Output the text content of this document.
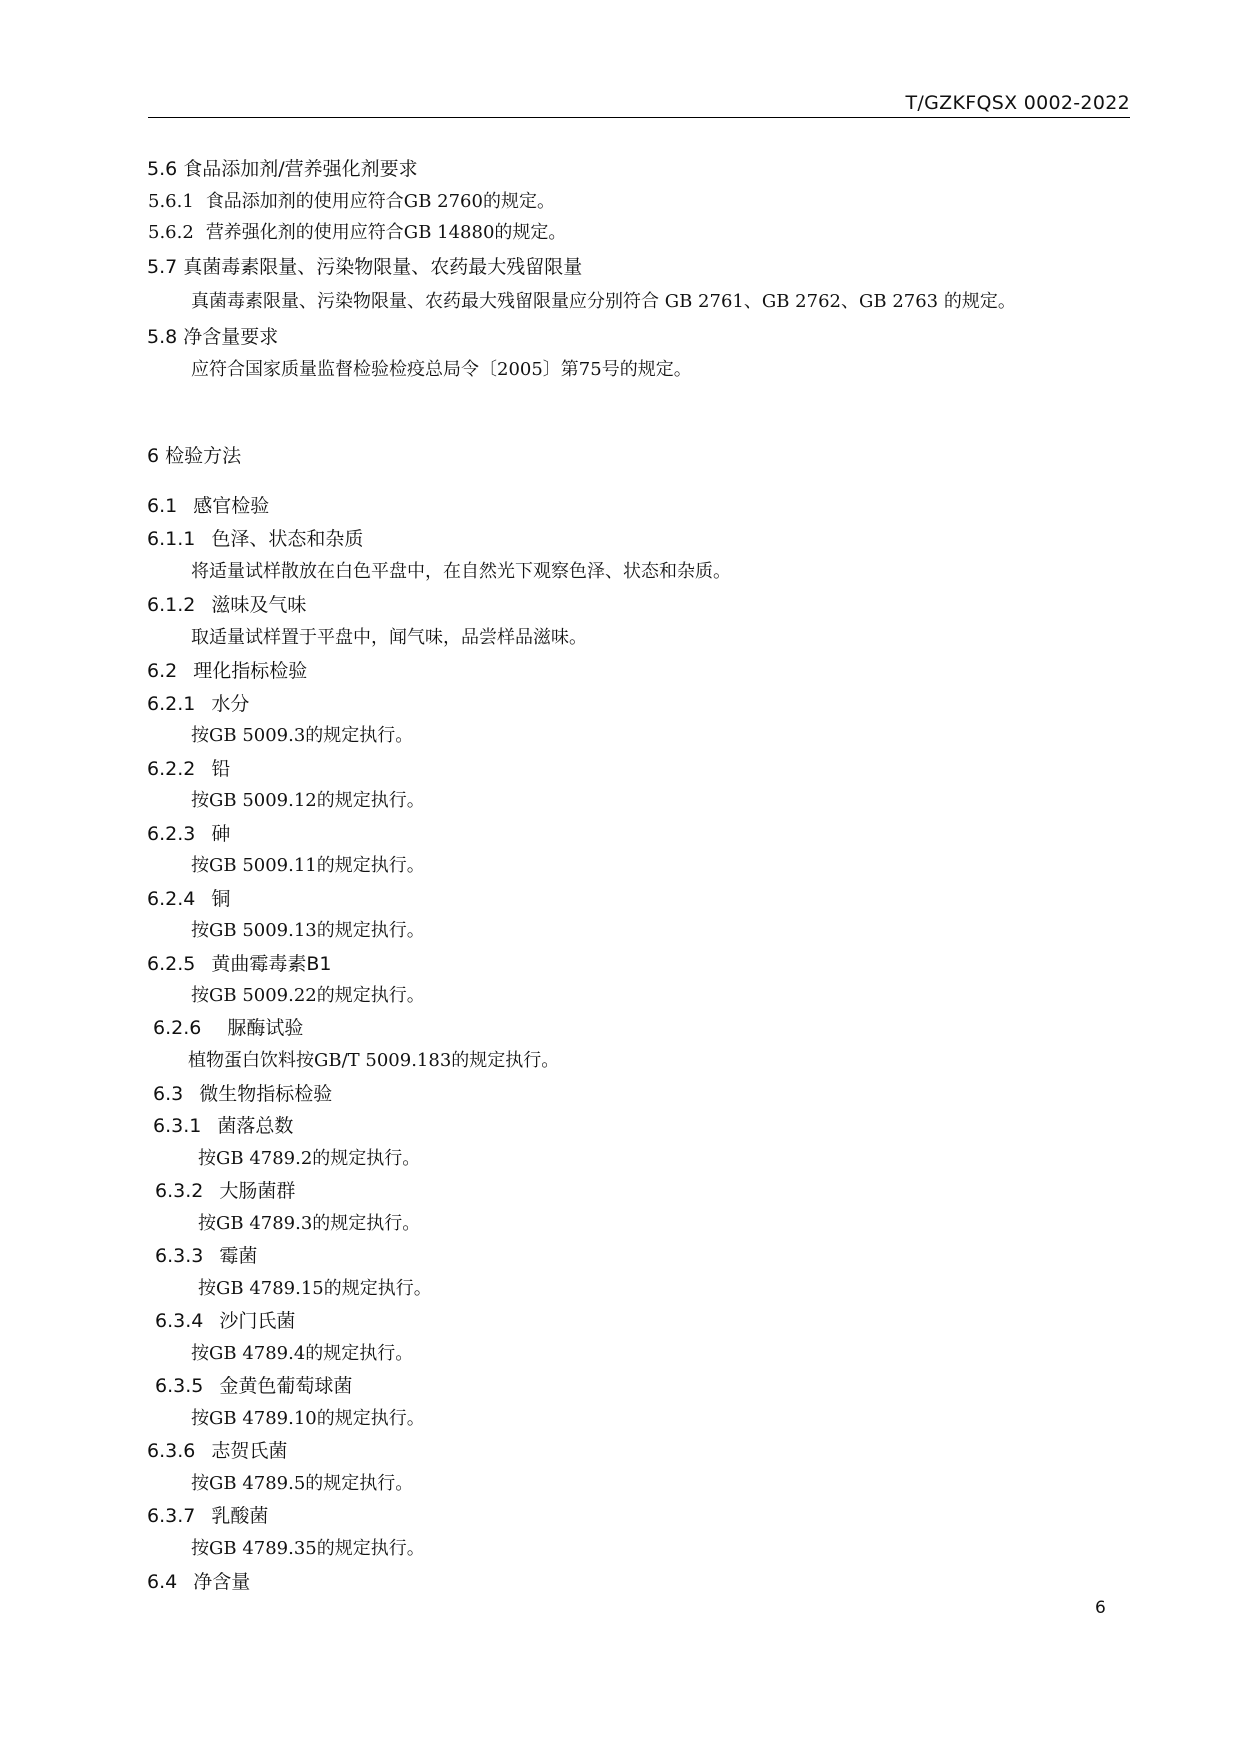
T/GZKFQSX 0002-2022
5.6 食品添加剂/营养强化剂要求
5.6.1 食品添加剂的使用应符合GB 2760的规定。
5.6.2 营养强化剂的使用应符合GB 14880的规定。
5.7 真菌毒素限量、污染物限量、农药最大残留限量
真菌毒素限量、污染物限量、农药最大残留限量应分别符合 GB 2761、GB 2762、GB 2763 的规定。
5.8 净含量要求
应符合国家质量监督检验检疫总局令〔2005〕第75号的规定。
6 检验方法
6.1 感官检验
6.1.1 色泽、状态和杂质
将适量试样散放在白色平盘中，在自然光下观察色泽、状态和杂质。
6.1.2 滋味及气味
取适量试样置于平盘中，闻气味，品尝样品滋味。
6.2 理化指标检验
6.2.1 水分
按GB 5009.3的规定执行。
6.2.2 铅
按GB 5009.12的规定执行。
6.2.3 砷
按GB 5009.11的规定执行。
6.2.4 铜
按GB 5009.13的规定执行。
6.2.5 黄曲霉毒素B1
按GB 5009.22的规定执行。
6.2.6 脲酶试验
植物蛋白饮料按GB/T 5009.183的规定执行。
6.3 微生物指标检验
6.3.1 菌落总数
按GB 4789.2的规定执行。
6.3.2 大肠菌群
按GB 4789.3的规定执行。
6.3.3 霉菌
按GB 4789.15的规定执行。
6.3.4 沙门氏菌
按GB 4789.4的规定执行。
6.3.5 金黄色葡萄球菌
按GB 4789.10的规定执行。
6.3.6 志贺氏菌
按GB 4789.5的规定执行。
6.3.7 乳酸菌
按GB 4789.35的规定执行。
6.4 净含量
6
